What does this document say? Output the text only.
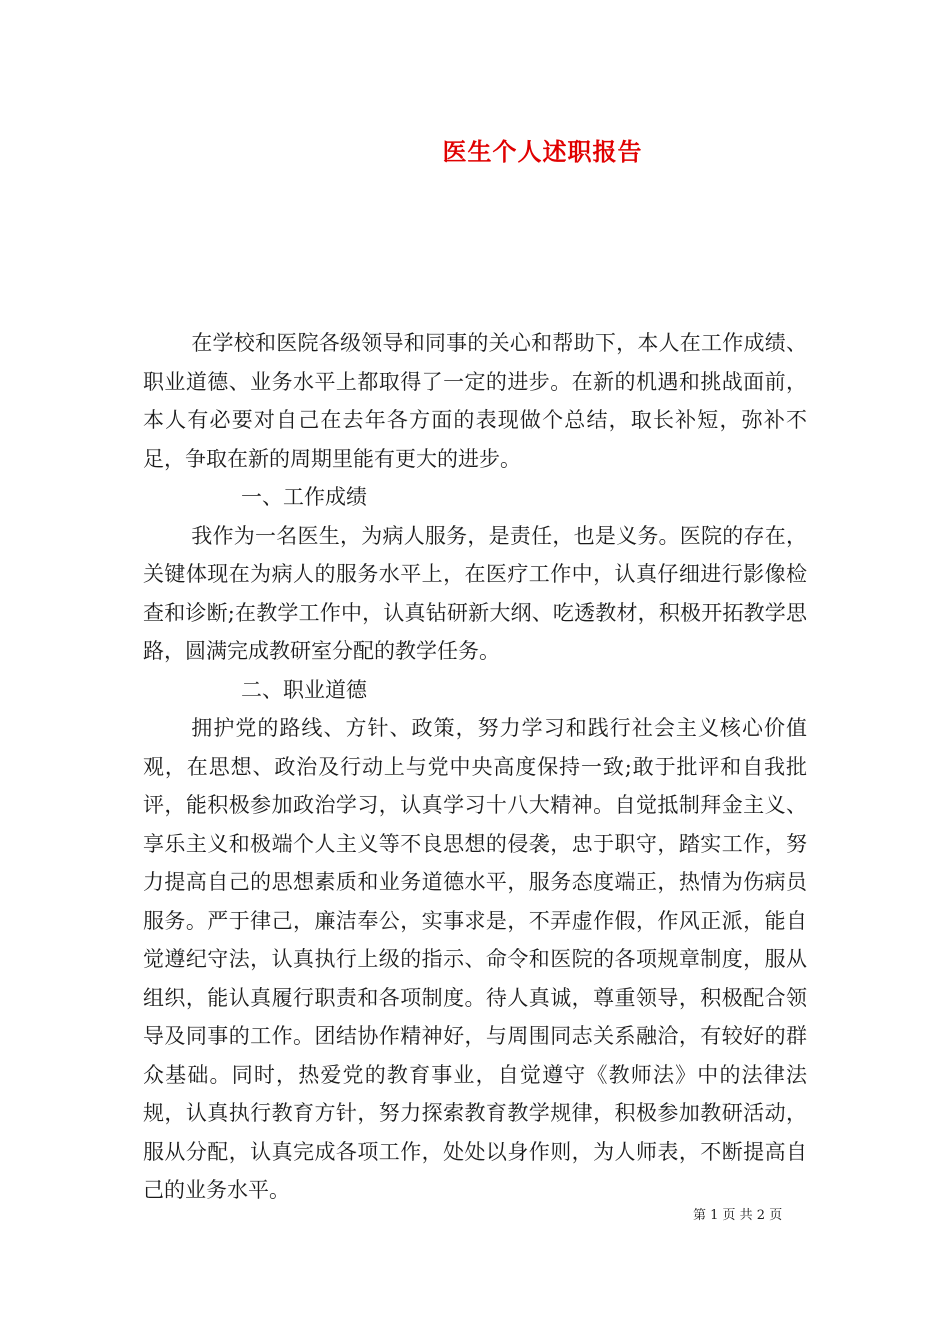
医生个人述职报告

在学校和医院各级领导和同事的关心和帮助下，本人在工作成绩、职业道德、业务水平上都取得了一定的进步。在新的机遇和挑战面前，本人有必要对自己在去年各方面的表现做个总结，取长补短，弥补不足，争取在新的周期里能有更大的进步。

一、工作成绩

我作为一名医生，为病人服务，是责任，也是义务。医院的存在，关键体现在为病人的服务水平上，在医疗工作中，认真仔细进行影像检查和诊断;在教学工作中，认真钻研新大纲、吃透教材，积极开拓教学思路，圆满完成教研室分配的教学任务。

二、职业道德

拥护党的路线、方针、政策，努力学习和践行社会主义核心价值观，在思想、政治及行动上与党中央高度保持一致;敢于批评和自我批评，能积极参加政治学习，认真学习十八大精神。自觉抵制拜金主义、享乐主义和极端个人主义等不良思想的侵袭，忠于职守，踏实工作，努力提高自己的思想素质和业务道德水平，服务态度端正，热情为伤病员服务。严于律己，廉洁奉公，实事求是，不弄虚作假，作风正派，能自觉遵纪守法，认真执行上级的指示、命令和医院的各项规章制度，服从组织，能认真履行职责和各项制度。待人真诚，尊重领导，积极配合领导及同事的工作。团结协作精神好，与周围同志关系融洽，有较好的群众基础。同时，热爱党的教育事业，自觉遵守《教师法》中的法律法规，认真执行教育方针，努力探索教育教学规律，积极参加教研活动，服从分配，认真完成各项工作，处处以身作则，为人师表，不断提高自己的业务水平。

第 1 页 共 2 页
